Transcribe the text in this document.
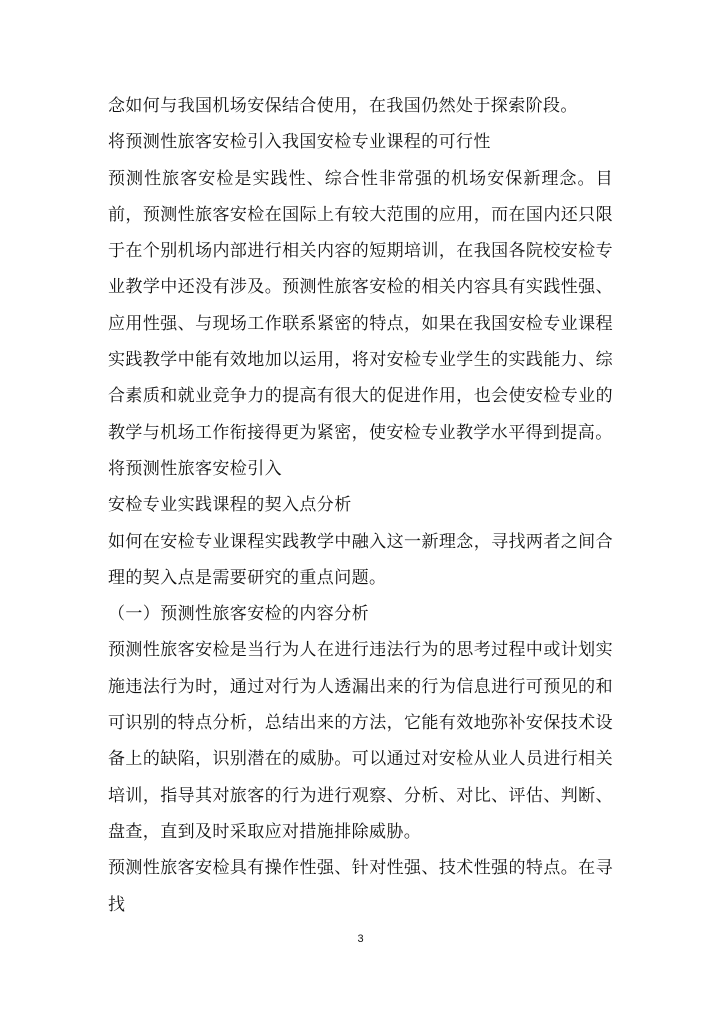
念如何与我国机场安保结合使用，在我国仍然处于探索阶段。

将预测性旅客安检引入我国安检专业课程的可行性

预测性旅客安检是实践性、综合性非常强的机场安保新理念。目前，预测性旅客安检在国际上有较大范围的应用，而在国内还只限于在个别机场内部进行相关内容的短期培训，在我国各院校安检专业教学中还没有涉及。预测性旅客安检的相关内容具有实践性强、应用性强、与现场工作联系紧密的特点，如果在我国安检专业课程实践教学中能有效地加以运用，将对安检专业学生的实践能力、综合素质和就业竞争力的提高有很大的促进作用，也会使安检专业的教学与机场工作衔接得更为紧密，使安检专业教学水平得到提高。

将预测性旅客安检引入

安检专业实践课程的契入点分析

如何在安检专业课程实践教学中融入这一新理念，寻找两者之间合理的契入点是需要研究的重点问题。

（一）预测性旅客安检的内容分析

预测性旅客安检是当行为人在进行违法行为的思考过程中或计划实施违法行为时，通过对行为人透漏出来的行为信息进行可预见的和可识别的特点分析，总结出来的方法，它能有效地弥补安保技术设备上的缺陷，识别潜在的威胁。可以通过对安检从业人员进行相关培训，指导其对旅客的行为进行观察、分析、对比、评估、判断、盘查，直到及时采取应对措施排除威胁。

预测性旅客安检具有操作性强、针对性强、技术性强的特点。在寻找

3
